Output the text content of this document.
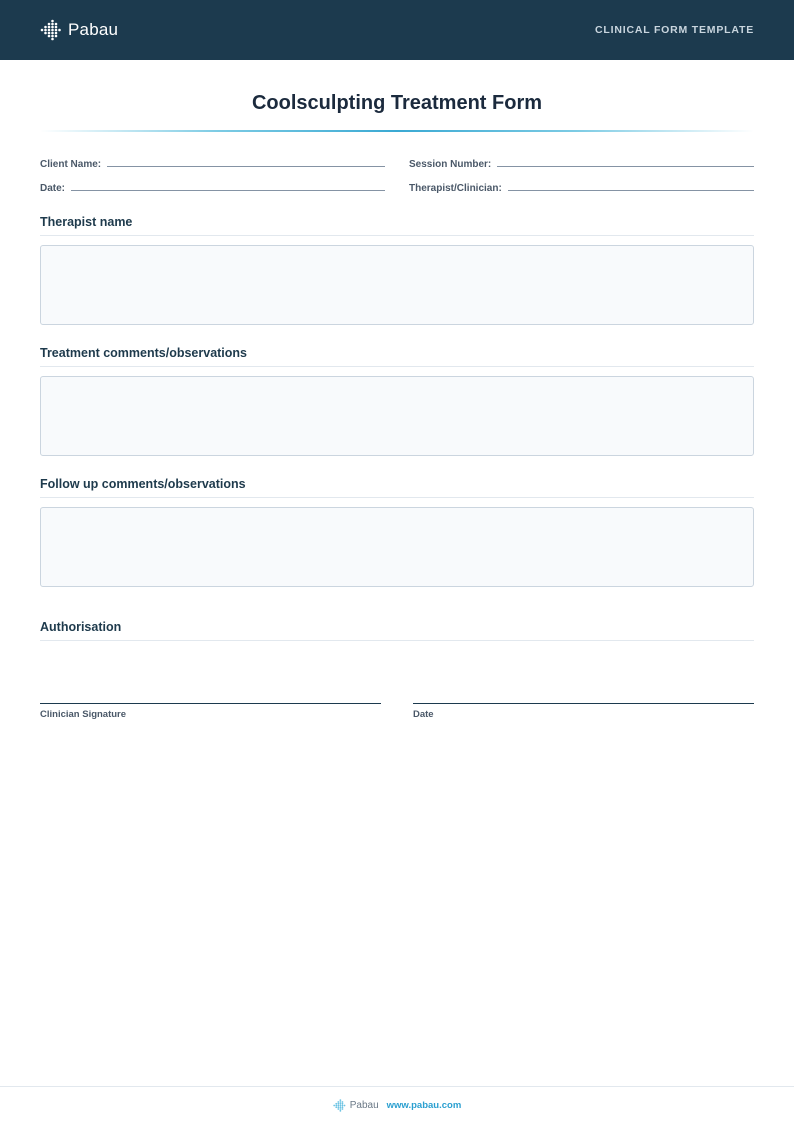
Pabau	CLINICAL FORM TEMPLATE
Coolsculpting Treatment Form
Client Name:	Session Number:
Date:	Therapist/Clinician:
Therapist name
Treatment comments/observations
Follow up comments/observations
Authorisation
Clinician Signature	Date
Pabau www.pabau.com
